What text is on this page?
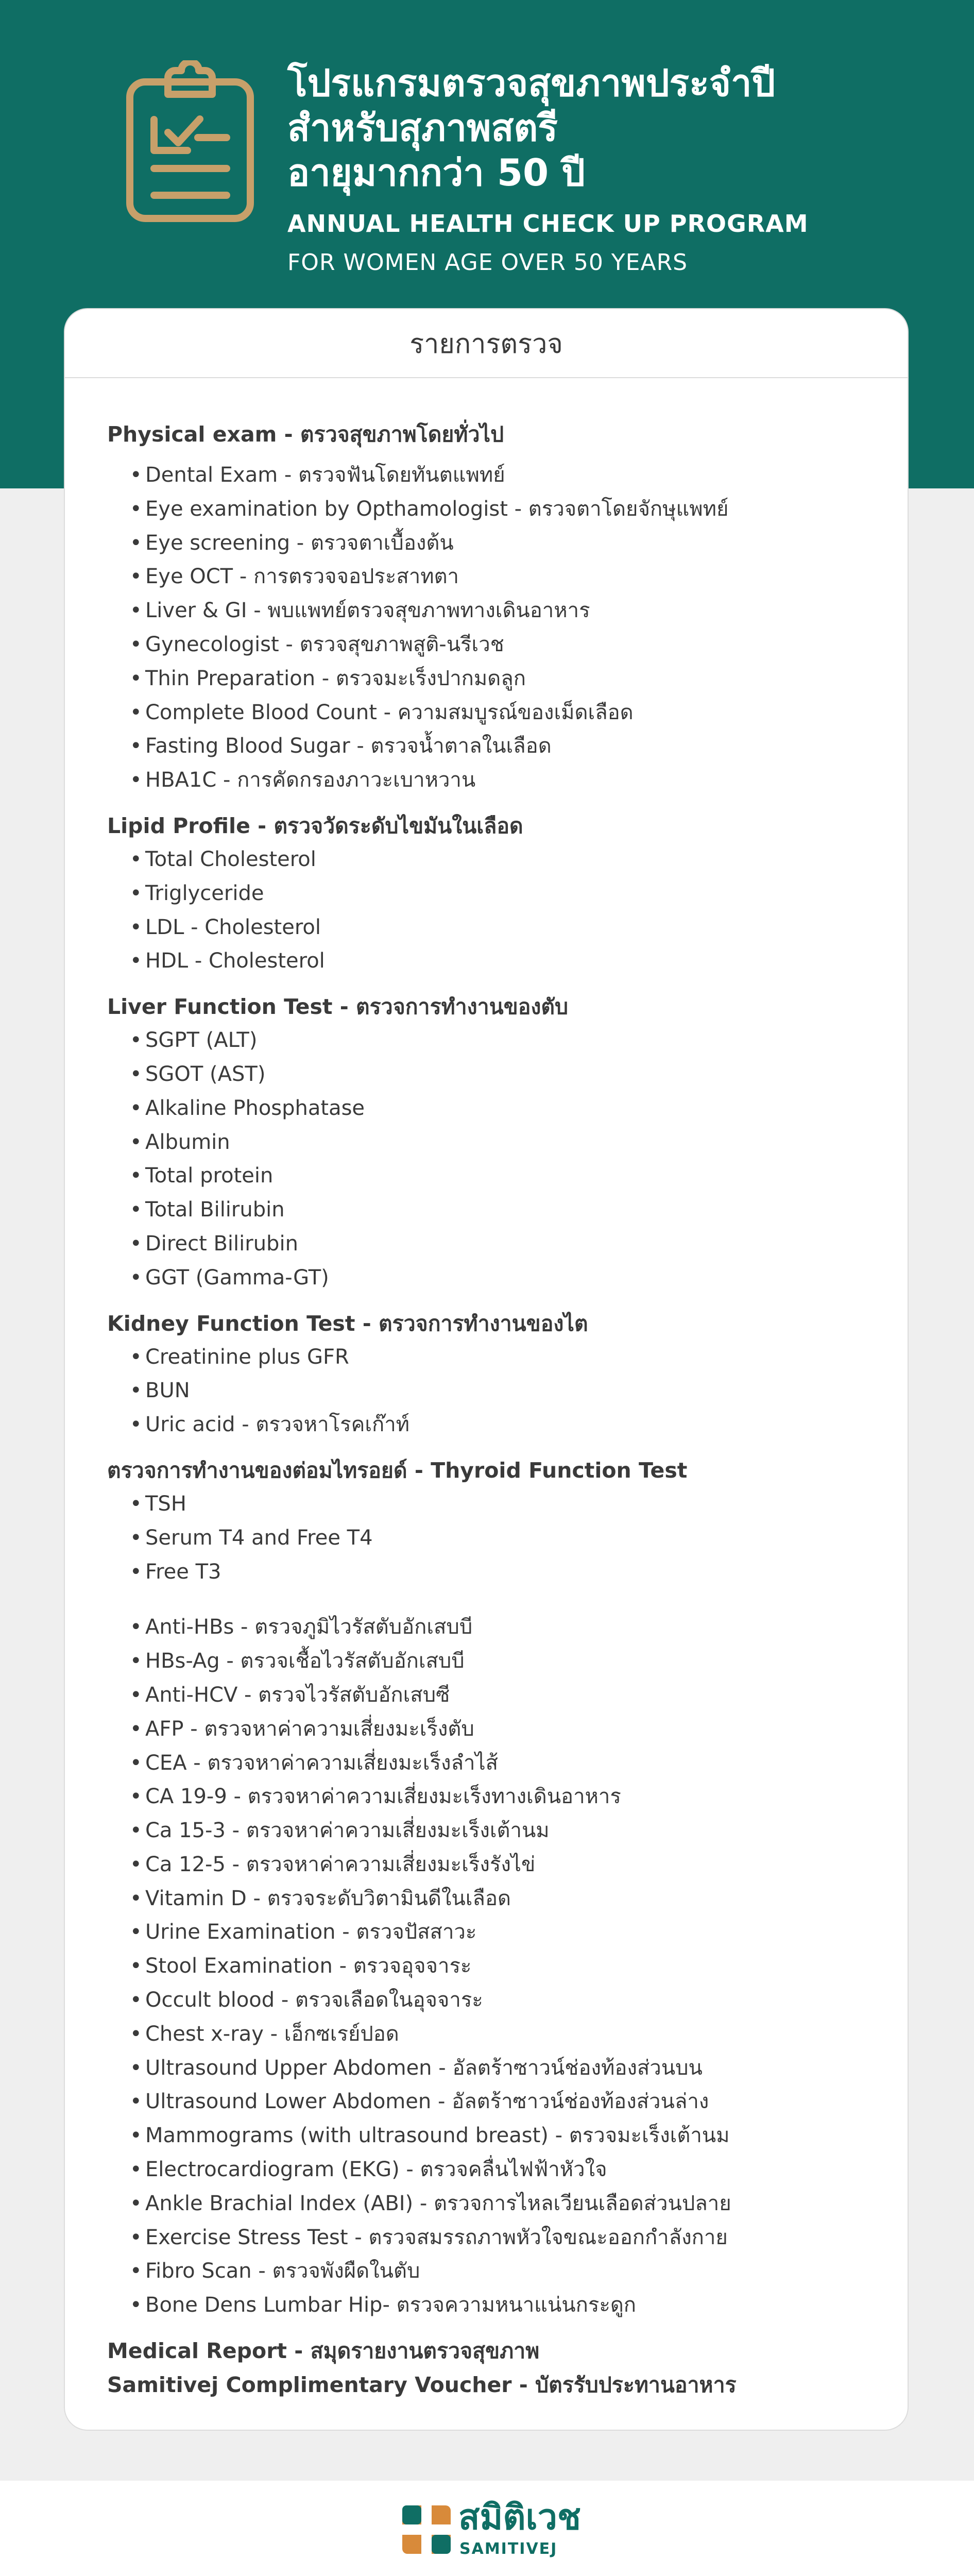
โปรแกรมตรวจสุขภาพประจำปี
สำหรับสุภาพสตรี
อายุมากกว่า 50 ปี
ANNUAL HEALTH CHECK UP PROGRAM
FOR WOMEN AGE OVER 50 YEARS
รายการตรวจ
Physical exam - ตรวจสุขภาพโดยทั่วไป
• Dental Exam - ตรวจฟันโดยทันตแพทย์
• Eye examination by Opthamologist - ตรวจตาโดยจักษุแพทย์
• Eye screening - ตรวจตาเบื้องต้น
• Eye OCT - การตรวจจอประสาทตา
• Liver & GI - พบแพทย์ตรวจสุขภาพทางเดินอาหาร
• Gynecologist - ตรวจสุขภาพสูติ-นรีเวช
• Thin Preparation - ตรวจมะเร็งปากมดลูก
• Complete Blood Count - ความสมบูรณ์ของเม็ดเลือด
• Fasting Blood Sugar - ตรวจน้ำตาลในเลือด
• HBA1C - การคัดกรองภาวะเบาหวาน
Lipid Profile - ตรวจวัดระดับไขมันในเลือด
• Total Cholesterol
• Triglyceride
• LDL - Cholesterol
• HDL - Cholesterol
Liver Function Test - ตรวจการทำงานของตับ
• SGPT (ALT)
• SGOT (AST)
• Alkaline Phosphatase
• Albumin
• Total protein
• Total Bilirubin
• Direct Bilirubin
• GGT (Gamma-GT)
Kidney Function Test - ตรวจการทำงานของไต
• Creatinine plus GFR
• BUN
• Uric acid - ตรวจหาโรคเก๊าท์
ตรวจการทำงานของต่อมไทรอยด์ - Thyroid Function Test
• TSH
• Serum T4 and Free T4
• Free T3
• Anti-HBs - ตรวจภูมิไวรัสตับอักเสบบี
• HBs-Ag - ตรวจเชื้อไวรัสตับอักเสบบี
• Anti-HCV - ตรวจไวรัสตับอักเสบซี
• AFP - ตรวจหาค่าความเสี่ยงมะเร็งตับ
• CEA - ตรวจหาค่าความเสี่ยงมะเร็งลำไส้
• CA 19-9 - ตรวจหาค่าความเสี่ยงมะเร็งทางเดินอาหาร
• Ca 15-3 - ตรวจหาค่าความเสี่ยงมะเร็งเต้านม
• Ca 12-5 - ตรวจหาค่าความเสี่ยงมะเร็งรังไข่
• Vitamin D - ตรวจระดับวิตามินดีในเลือด
• Urine Examination - ตรวจปัสสาวะ
• Stool Examination - ตรวจอุจจาระ
• Occult blood - ตรวจเลือดในอุจจาระ
• Chest x-ray - เอ็กซเรย์ปอด
• Ultrasound Upper Abdomen - อัลตร้าซาวน์ช่องท้องส่วนบน
• Ultrasound Lower Abdomen - อัลตร้าซาวน์ช่องท้องส่วนล่าง
• Mammograms (with ultrasound breast) - ตรวจมะเร็งเต้านม
• Electrocardiogram (EKG) - ตรวจคลื่นไฟฟ้าหัวใจ
• Ankle Brachial Index (ABI) - ตรวจการไหลเวียนเลือดส่วนปลาย
• Exercise Stress Test - ตรวจสมรรถภาพหัวใจขณะออกกำลังกาย
• Fibro Scan - ตรวจพังผืดในตับ
• Bone Dens Lumbar Hip- ตรวจความหนาแน่นกระดูก
Medical Report - สมุดรายงานตรวจสุขภาพ
Samitivej Complimentary Voucher - บัตรรับประทานอาหาร
สมิติเวช
SAMITIVEJ
